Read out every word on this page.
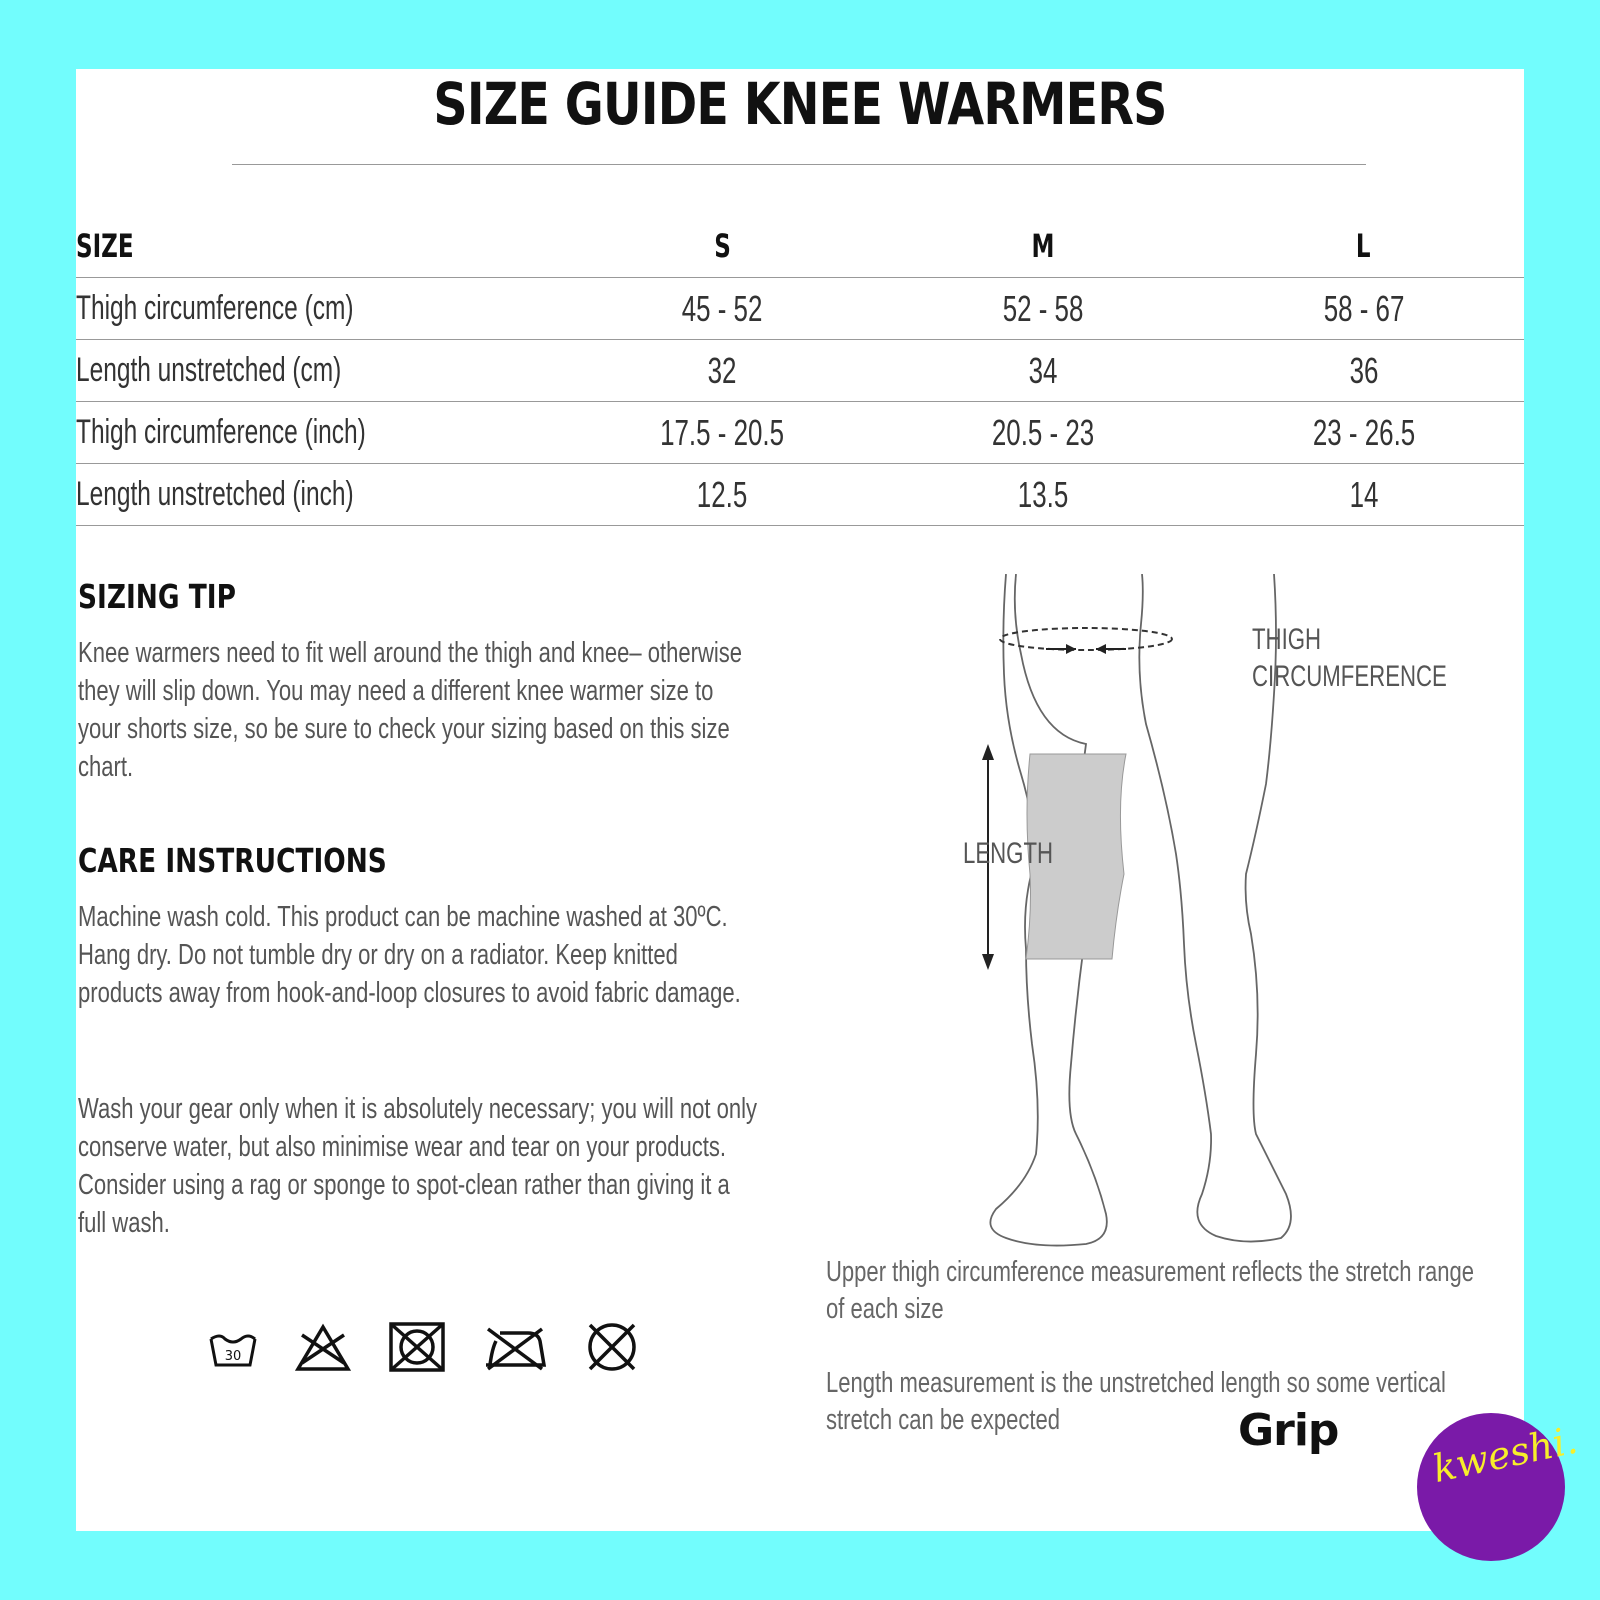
SIZE GUIDE KNEE WARMERS
SIZE	S	M	L
Thigh circumference (cm)	45 - 52	52 - 58	58 - 67
Length unstretched (cm)	32	34	36
Thigh circumference (inch)	17.5 - 20.5	20.5 - 23	23 - 26.5
Length unstretched (inch)	12.5	13.5	14
SIZING TIP
Knee warmers need to fit well around the thigh and knee– otherwise they will slip down. You may need a different knee warmer size to your shorts size, so be sure to check your sizing based on this size chart.
CARE INSTRUCTIONS
Machine wash cold. This product can be machine washed at 30ºC. Hang dry. Do not tumble dry or dry on a radiator. Keep knitted products away from hook-and-loop closures to avoid fabric damage.
Wash your gear only when it is absolutely necessary; you will not only conserve water, but also minimise wear and tear on your products. Consider using a rag or sponge to spot-clean rather than giving it a full wash.
30
THIGH
CIRCUMFERENCE
LENGTH
Upper thigh circumference measurement reflects the stretch range of each size
Length measurement is the unstretched length so some vertical stretch can be expected	Grip kweshi.
